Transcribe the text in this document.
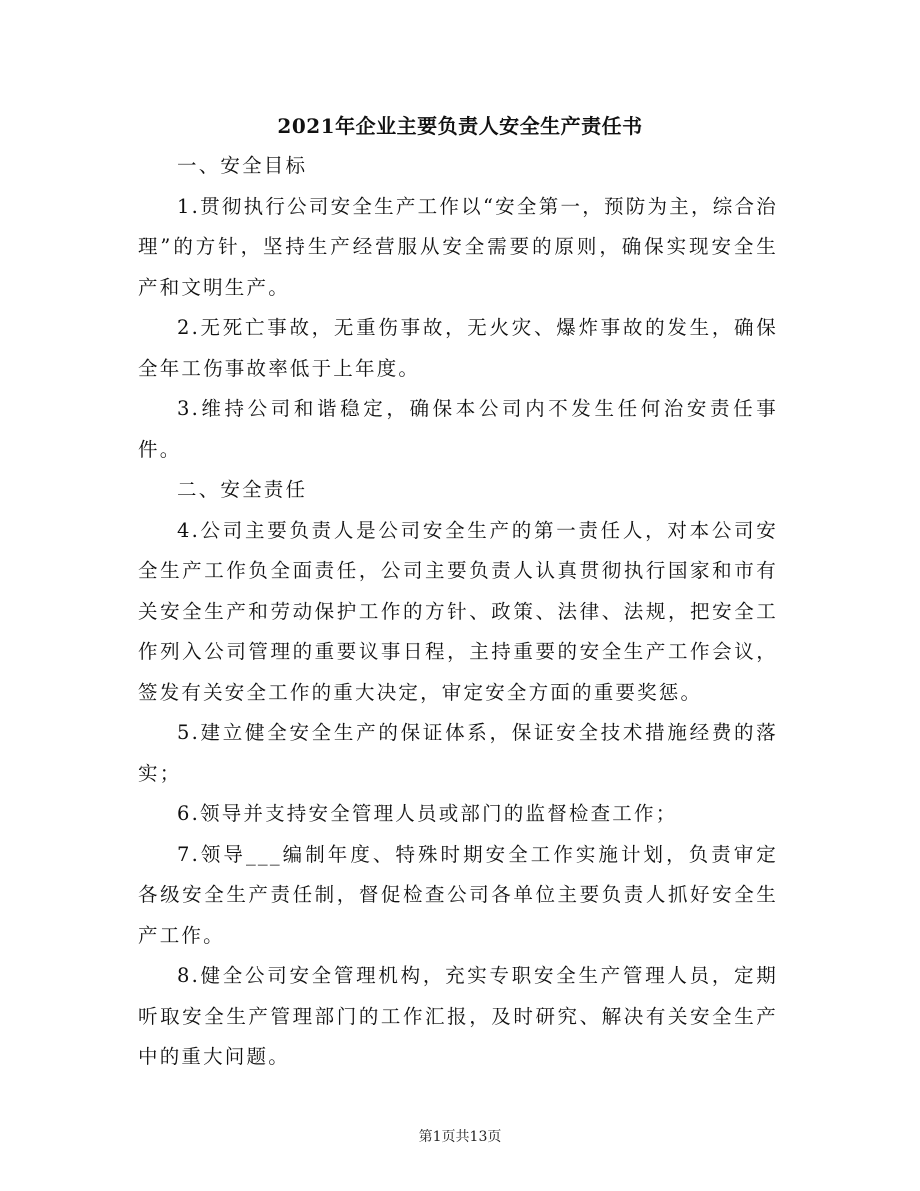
2021年企业主要负责人安全生产责任书

一、安全目标

1.贯彻执行公司安全生产工作以“安全第一，预防为主，综合治理”的方针，坚持生产经营服从安全需要的原则，确保实现安全生产和文明生产。

2.无死亡事故，无重伤事故，无火灾、爆炸事故的发生，确保全年工伤事故率低于上年度。

3.维持公司和谐稳定，确保本公司内不发生任何治安责任事件。

二、安全责任

4.公司主要负责人是公司安全生产的第一责任人，对本公司安全生产工作负全面责任，公司主要负责人认真贯彻执行国家和市有关安全生产和劳动保护工作的方针、政策、法律、法规，把安全工作列入公司管理的重要议事日程，主持重要的安全生产工作会议，签发有关安全工作的重大决定，审定安全方面的重要奖惩。

5.建立健全安全生产的保证体系，保证安全技术措施经费的落实；

6.领导并支持安全管理人员或部门的监督检查工作；

7.领导___编制年度、特殊时期安全工作实施计划，负责审定各级安全生产责任制，督促检查公司各单位主要负责人抓好安全生产工作。

8.健全公司安全管理机构，充实专职安全生产管理人员，定期听取安全生产管理部门的工作汇报，及时研究、解决有关安全生产中的重大问题。

第1页共13页
